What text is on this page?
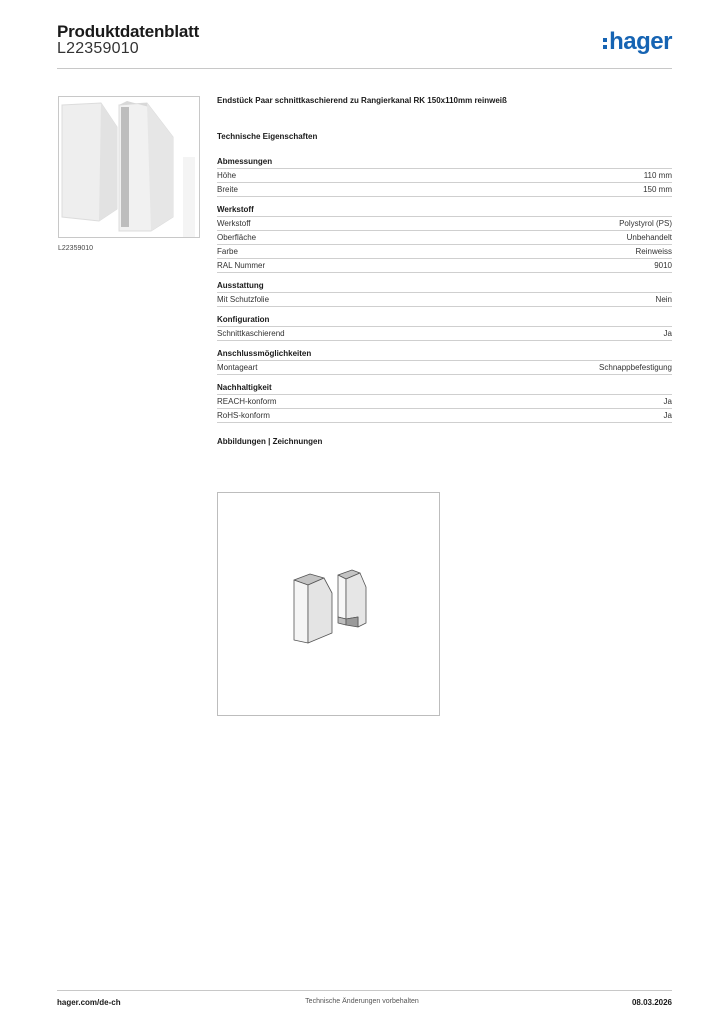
Produktdatenblatt
L22359010	hager
L22359010
Endstück Paar schnittkaschierend zu Rangierkanal RK 150x110mm reinweiß
Technische Eigenschaften
Abmessungen
Höhe	110 mm
Breite	150 mm
Werkstoff
Werkstoff	Polystyrol (PS)
Oberfläche	Unbehandelt
Farbe	Reinweiss
RAL Nummer	9010
Ausstattung
Mit Schutzfolie	Nein
Konfiguration
Schnittkaschierend	Ja
Anschlussmöglichkeiten
Montageart	Schnappbefestigung
Nachhaltigkeit
REACH-konform	Ja
RoHS-konform	Ja
Abbildungen | Zeichnungen
hager.com/de-ch	Technische Änderungen vorbehalten	08.03.2026
